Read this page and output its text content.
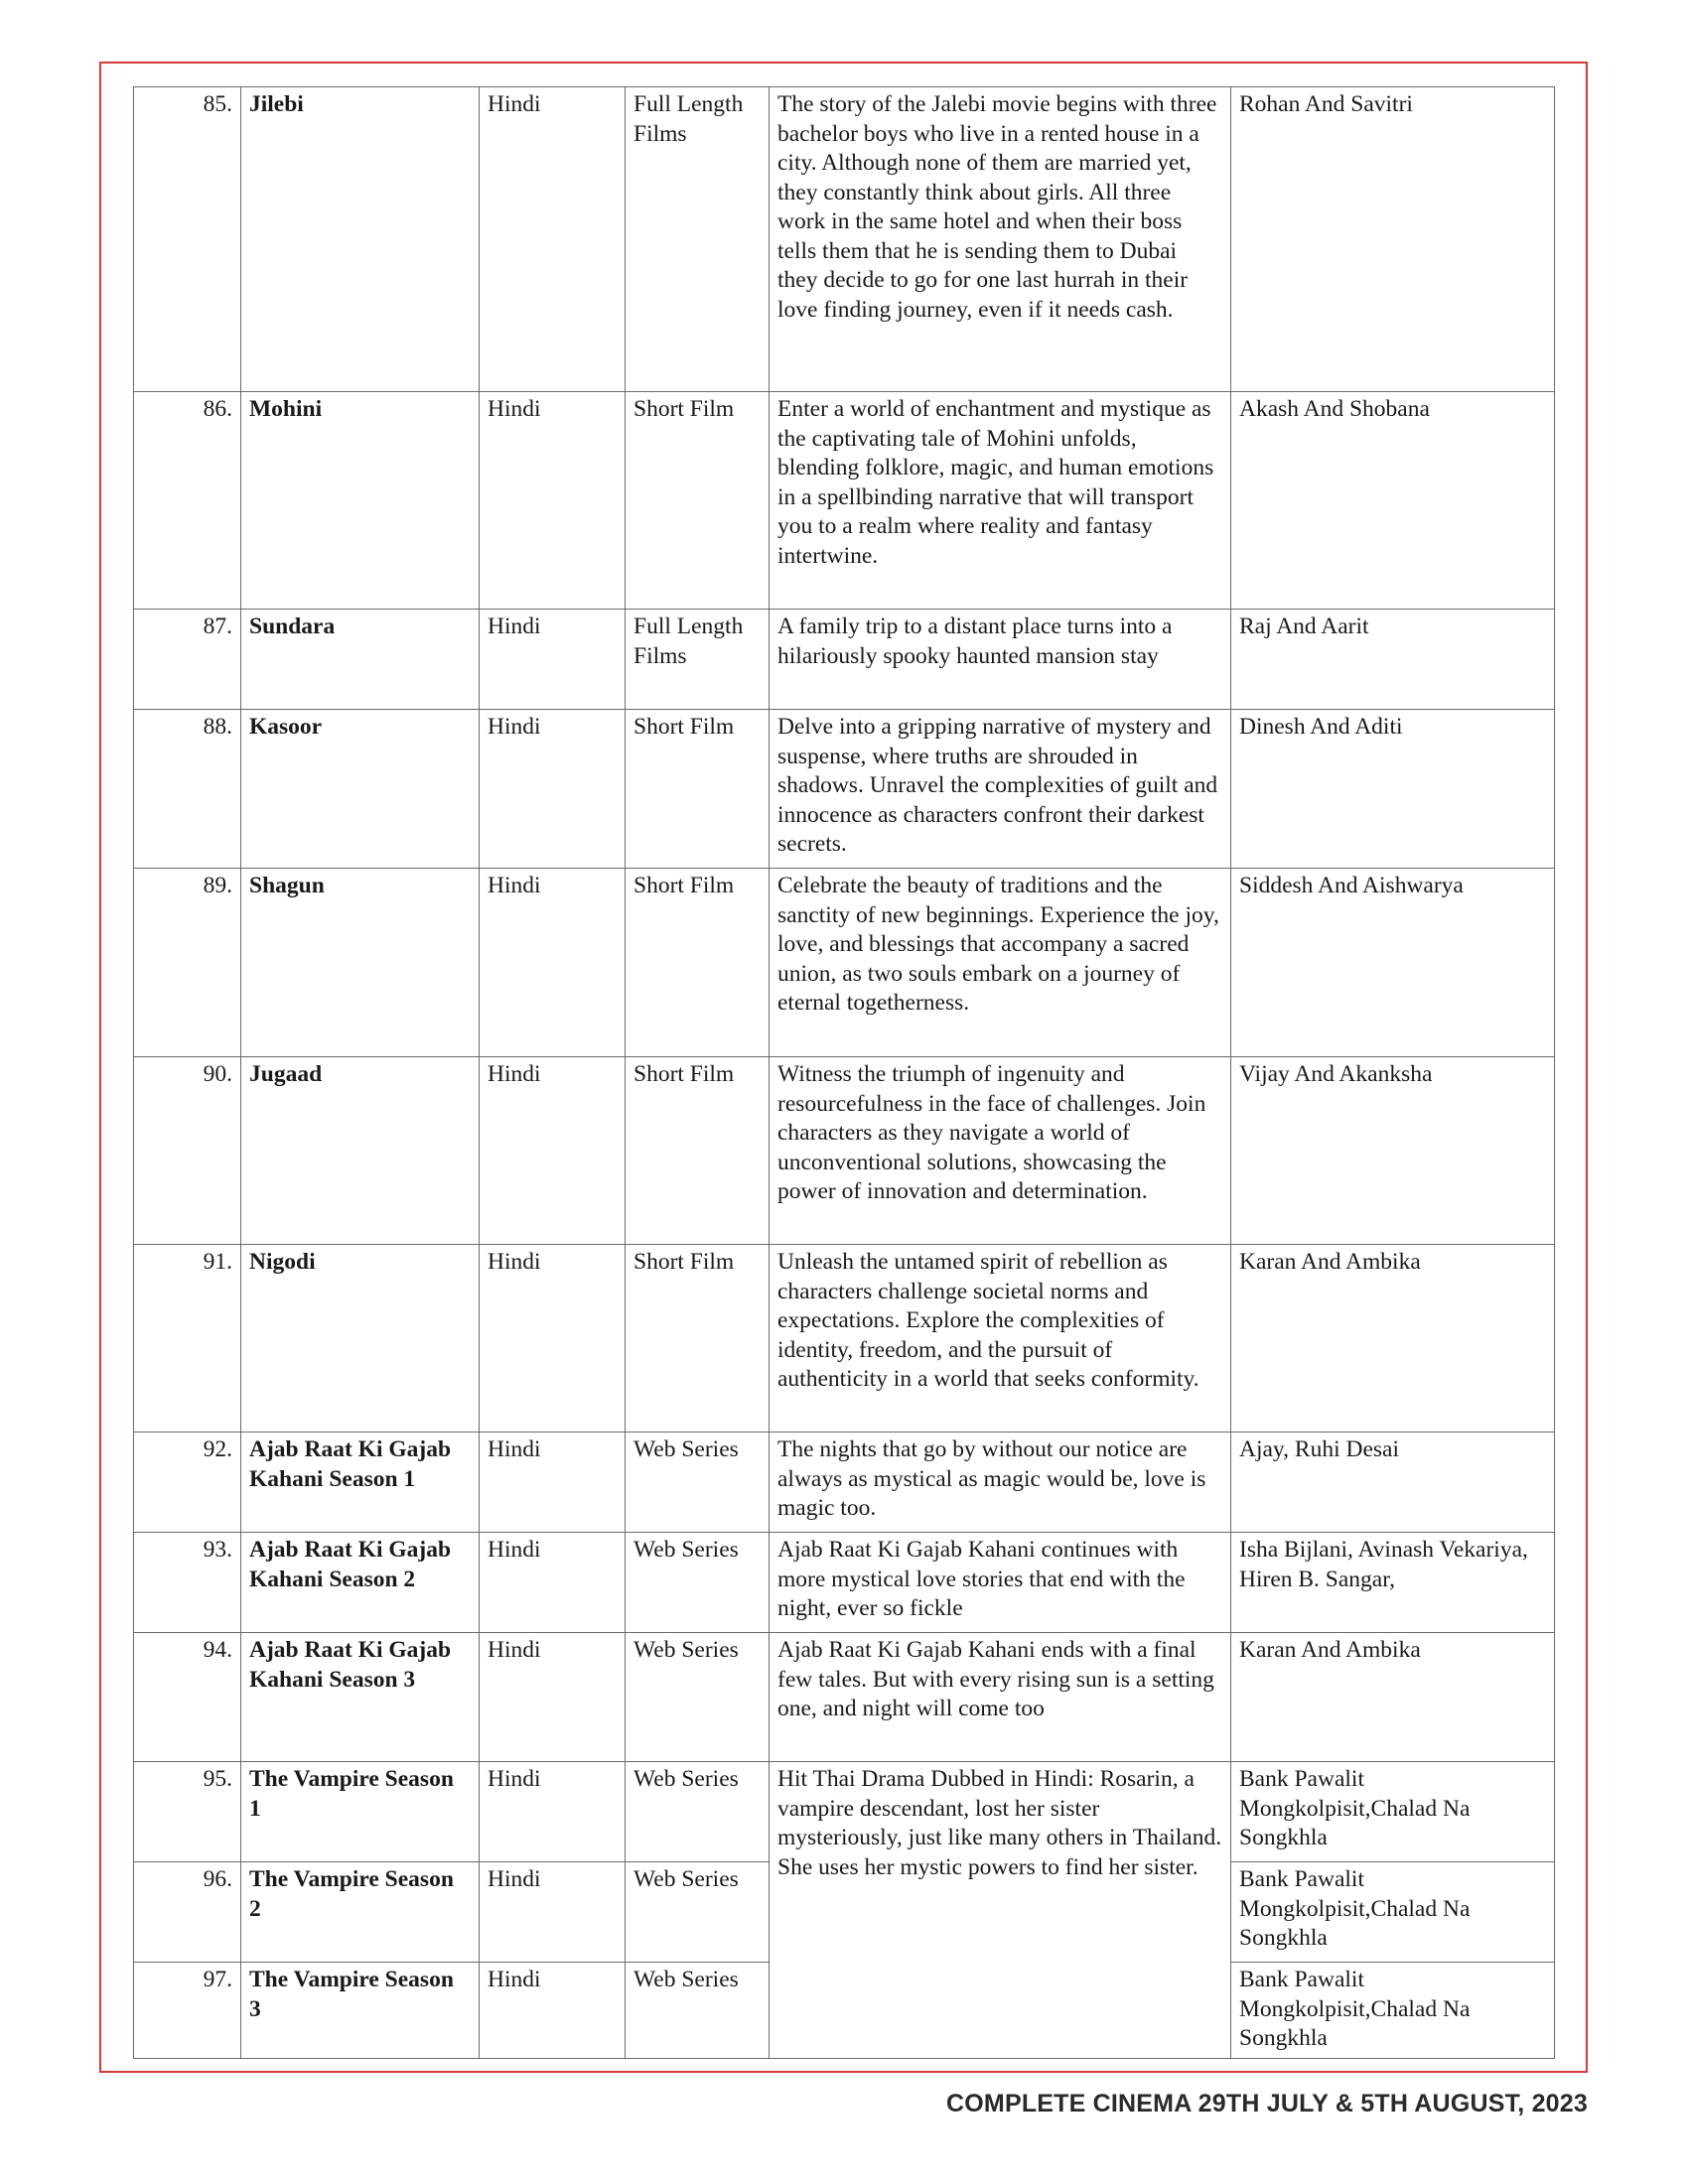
85.	Jilebi	Hindi	Full Length Films	The story of the Jalebi movie begins with three bachelor boys who live in a rented house in a city. Although none of them are married yet, they constantly think about girls. All three work in the same hotel and when their boss tells them that he is sending them to Dubai they decide to go for one last hurrah in their love finding journey, even if it needs cash.	Rohan And Savitri
86.	Mohini	Hindi	Short Film	Enter a world of enchantment and mystique as the captivating tale of Mohini unfolds, blending folklore, magic, and human emotions in a spellbinding narrative that will transport you to a realm where reality and fantasy intertwine.	Akash And Shobana
87.	Sundara	Hindi	Full Length Films	A family trip to a distant place turns into a hilariously spooky haunted mansion stay	Raj And Aarit
88.	Kasoor	Hindi	Short Film	Delve into a gripping narrative of mystery and suspense, where truths are shrouded in shadows. Unravel the complexities of guilt and innocence as characters confront their darkest secrets.	Dinesh And Aditi
89.	Shagun	Hindi	Short Film	Celebrate the beauty of traditions and the sanctity of new beginnings. Experience the joy, love, and blessings that accompany a sacred union, as two souls embark on a journey of eternal togetherness.	Siddesh And Aishwarya
90.	Jugaad	Hindi	Short Film	Witness the triumph of ingenuity and resourcefulness in the face of challenges. Join characters as they navigate a world of unconventional solutions, showcasing the power of innovation and determination.	Vijay And Akanksha
91.	Nigodi	Hindi	Short Film	Unleash the untamed spirit of rebellion as characters challenge societal norms and expectations. Explore the complexities of identity, freedom, and the pursuit of authenticity in a world that seeks conformity.	Karan And Ambika
92.	Ajab Raat Ki Gajab Kahani Season 1	Hindi	Web Series	The nights that go by without our notice are always as mystical as magic would be, love is magic too.	Ajay, Ruhi Desai
93.	Ajab Raat Ki Gajab Kahani Season 2	Hindi	Web Series	Ajab Raat Ki Gajab Kahani continues with more mystical love stories that end with the night, ever so fickle	Isha Bijlani, Avinash Vekariya, Hiren B. Sangar,
94.	Ajab Raat Ki Gajab Kahani Season 3	Hindi	Web Series	Ajab Raat Ki Gajab Kahani ends with a final few tales. But with every rising sun is a setting one, and night will come too	Karan And Ambika
95.	The Vampire Season 1	Hindi	Web Series	Hit Thai Drama Dubbed in Hindi: Rosarin, a vampire descendant, lost her sister mysteriously, just like many others in Thailand. She uses her mystic powers to find her sister.	Bank Pawalit Mongkolpisit,Chalad Na Songkhla
96.	The Vampire Season 2	Hindi	Web Series		Bank Pawalit Mongkolpisit,Chalad Na Songkhla
97.	The Vampire Season 3	Hindi	Web Series		Bank Pawalit Mongkolpisit,Chalad Na Songkhla
COMPLETE CINEMA 29TH JULY & 5TH AUGUST, 2023
